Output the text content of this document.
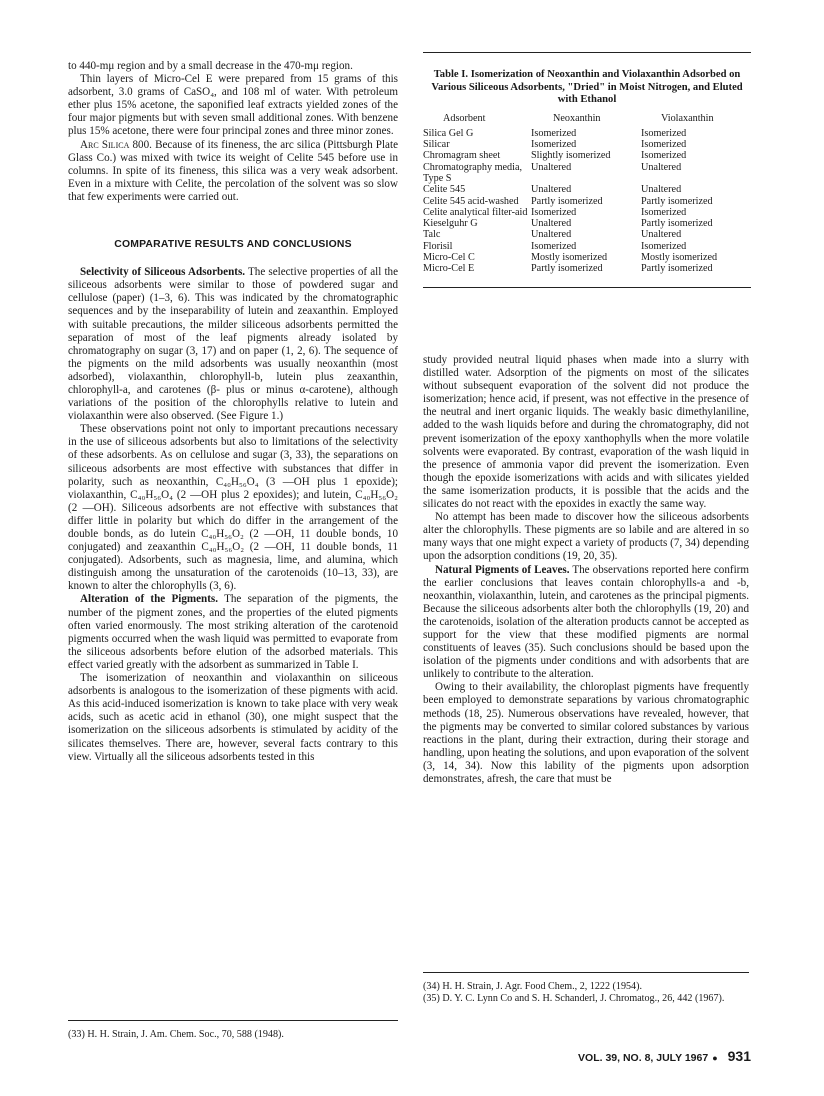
to 440-mμ region and by a small decrease in the 470-mμ region.

Thin layers of Micro-Cel E were prepared from 15 grams of this adsorbent, 3.0 grams of CaSO₄, and 108 ml of water. With petroleum ether plus 15% acetone, the saponified leaf extracts yielded zones of the four major pigments but with seven small additional zones. With benzene plus 15% acetone, there were four principal zones and three minor zones.

Arc Silica 800. Because of its fineness, the arc silica (Pittsburgh Plate Glass Co.) was mixed with twice its weight of Celite 545 before use in columns. In spite of its fineness, this silica was a very weak adsorbent. Even in a mixture with Celite, the percolation of the solvent was so slow that few experiments were carried out.

COMPARATIVE RESULTS AND CONCLUSIONS

Selectivity of Siliceous Adsorbents. The selective properties of all the siliceous adsorbents were similar to those of powdered sugar and cellulose (paper) (1–3, 6). This was indicated by the chromatographic sequences and by the inseparability of lutein and zeaxanthin. Employed with suitable precautions, the milder siliceous adsorbents permitted the separation of most of the leaf pigments already isolated by chromatography on sugar (3, 17) and on paper (1, 2, 6). The sequence of the pigments on the mild adsorbents was usually neoxanthin (most adsorbed), violaxanthin, chlorophyll-b, lutein plus zeaxanthin, chlorophyll-a, and carotenes (β- plus or minus α-carotene), although variations of the position of the chlorophylls relative to lutein and violaxanthin were also observed. (See Figure 1.)

These observations point not only to important precautions necessary in the use of siliceous adsorbents but also to limitations of the selectivity of these adsorbents. As on cellulose and sugar (3, 33), the separations on siliceous adsorbents are most effective with substances that differ in polarity, such as neoxanthin, C₄₀H₅₆O₄ (3 —OH plus 1 epoxide); violaxanthin, C₄₀H₅₆O₄ (2 —OH plus 2 epoxides); and lutein, C₄₀H₅₆O₂ (2 —OH). Siliceous adsorbents are not effective with substances that differ little in polarity but which do differ in the arrangement of the double bonds, as do lutein C₄₀H₅₆O₂ (2 —OH, 11 double bonds, 10 conjugated) and zeaxanthin C₄₀H₅₆O₂ (2 —OH, 11 double bonds, 11 conjugated). Adsorbents, such as magnesia, lime, and alumina, which distinguish among the unsaturation of the carotenoids (10–13, 33), are known to alter the chlorophylls (3, 6).

Alteration of the Pigments. The separation of the pigments, the number of the pigment zones, and the properties of the eluted pigments often varied enormously. The most striking alteration of the carotenoid pigments occurred when the wash liquid was permitted to evaporate from the siliceous adsorbents before elution of the adsorbed materials. This effect varied greatly with the adsorbent as summarized in Table I.

The isomerization of neoxanthin and violaxanthin on siliceous adsorbents is analogous to the isomerization of these pigments with acid. As this acid-induced isomerization is known to take place with very weak acids, such as acetic acid in ethanol (30), one might suspect that the isomerization on the siliceous adsorbents is stimulated by acidity of the silicates themselves. There are, however, several facts contrary to this view. Virtually all the siliceous adsorbents tested in this

Table I. Isomerization of Neoxanthin and Violaxanthin Adsorbed on Various Siliceous Adsorbents, "Dried" in Moist Nitrogen, and Eluted with Ethanol
Adsorbent	Neoxanthin	Violaxanthin
Silica Gel G	Isomerized	Isomerized
Silicar	Isomerized	Isomerized
Chromagram sheet	Slightly isomerized	Isomerized
Chromatography media, Type S	Unaltered	Unaltered
Celite 545	Unaltered	Unaltered
Celite 545 acid-washed	Partly isomerized	Partly isomerized
Celite analytical filter-aid	Isomerized	Isomerized
Kieselguhr G	Unaltered	Partly isomerized
Talc	Unaltered	Unaltered
Florisil	Isomerized	Isomerized
Micro-Cel C	Mostly isomerized	Mostly isomerized
Micro-Cel E	Partly isomerized	Partly isomerized

study provided neutral liquid phases when made into a slurry with distilled water. Adsorption of the pigments on most of the silicates without subsequent evaporation of the solvent did not produce the isomerization; hence acid, if present, was not effective in the presence of the neutral and inert organic liquids. The weakly basic dimethylaniline, added to the wash liquids before and during the chromatography, did not prevent isomerization of the epoxy xanthophylls when the more volatile solvents were evaporated. By contrast, evaporation of the wash liquid in the presence of ammonia vapor did prevent the isomerization. Even though the epoxide isomerizations with acids and with silicates yielded the same isomerization products, it is possible that the acids and the silicates do not react with the epoxides in exactly the same way.

No attempt has been made to discover how the siliceous adsorbents alter the chlorophylls. These pigments are so labile and are altered in so many ways that one might expect a variety of products (7, 34) depending upon the adsorption conditions (19, 20, 35).

Natural Pigments of Leaves. The observations reported here confirm the earlier conclusions that leaves contain chlorophylls-a and -b, neoxanthin, violaxanthin, lutein, and carotenes as the principal pigments. Because the siliceous adsorbents alter both the chlorophylls (19, 20) and the carotenoids, isolation of the alteration products cannot be accepted as support for the view that these modified pigments are normal constituents of leaves (35). Such conclusions should be based upon the isolation of the pigments under conditions and with adsorbents that are unlikely to contribute to the alteration.

Owing to their availability, the chloroplast pigments have frequently been employed to demonstrate separations by various chromatographic methods (18, 25). Numerous observations have revealed, however, that the pigments may be converted to similar colored substances by various reactions in the plant, during their extraction, during their storage and handling, upon heating the solutions, and upon evaporation of the solvent (3, 14, 34). Now this lability of the pigments upon adsorption demonstrates, afresh, the care that must be

(33) H. H. Strain, J. Am. Chem. Soc., 70, 588 (1948).
(34) H. H. Strain, J. Agr. Food Chem., 2, 1222 (1954).
(35) D. Y. C. Lynn Co and S. H. Schanderl, J. Chromatog., 26, 442 (1967).
VOL. 39, NO. 8, JULY 1967 ● 931
